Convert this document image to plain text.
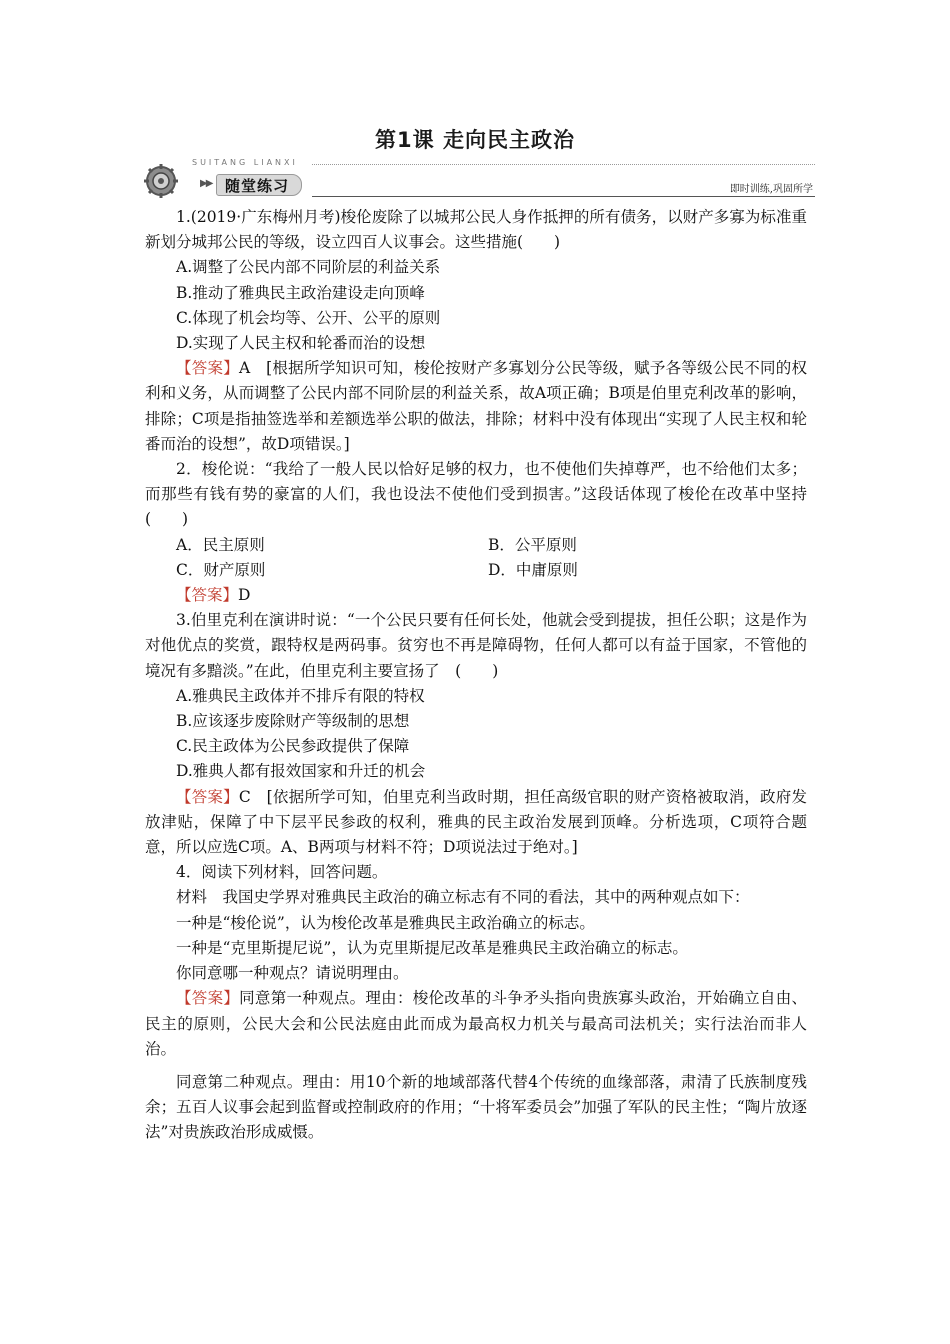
第1课 走向民主政治
SUITANG LIANXI
▶▶ 随堂练习	即时训练,巩固所学

1.(2019·广东梅州月考)梭伦废除了以城邦公民人身作抵押的所有债务，以财产多寡为标准重新划分城邦公民的等级，设立四百人议事会。这些措施(　　)

A.调整了公民内部不同阶层的利益关系

B.推动了雅典民主政治建设走向顶峰

C.体现了机会均等、公开、公平的原则

D.实现了人民主权和轮番而治的设想

【答案】A　[根据所学知识可知，梭伦按财产多寡划分公民等级，赋予各等级公民不同的权利和义务，从而调整了公民内部不同阶层的利益关系，故A项正确；B项是伯里克利改革的影响，排除；C项是指抽签选举和差额选举公职的做法，排除；材料中没有体现出“实现了人民主权和轮番而治的设想”，故D项错误。]

2．梭伦说：“我给了一般人民以恰好足够的权力，也不使他们失掉尊严，也不给他们太多；而那些有钱有势的豪富的人们，我也设法不使他们受到损害。”这段话体现了梭伦在改革中坚持(　　)

A．民主原则	B．公平原则
C．财产原则	D．中庸原则

【答案】D

3.伯里克利在演讲时说：“一个公民只要有任何长处，他就会受到提拔，担任公职；这是作为对他优点的奖赏，跟特权是两码事。贫穷也不再是障碍物，任何人都可以有益于国家，不管他的境况有多黯淡。”在此，伯里克利主要宣扬了　(　　)

A.雅典民主政体并不排斥有限的特权

B.应该逐步废除财产等级制的思想

C.民主政体为公民参政提供了保障

D.雅典人都有报效国家和升迁的机会

【答案】C　[依据所学可知，伯里克利当政时期，担任高级官职的财产资格被取消，政府发放津贴，保障了中下层平民参政的权利，雅典的民主政治发展到顶峰。分析选项，C项符合题意，所以应选C项。A、B两项与材料不符；D项说法过于绝对。]

4．阅读下列材料，回答问题。

材料　我国史学界对雅典民主政治的确立标志有不同的看法，其中的两种观点如下：

一种是“梭伦说”，认为梭伦改革是雅典民主政治确立的标志。

一种是“克里斯提尼说”，认为克里斯提尼改革是雅典民主政治确立的标志。

你同意哪一种观点？请说明理由。

【答案】同意第一种观点。理由：梭伦改革的斗争矛头指向贵族寡头政治，开始确立自由、民主的原则，公民大会和公民法庭由此而成为最高权力机关与最高司法机关；实行法治而非人治。

同意第二种观点。理由：用10个新的地域部落代替4个传统的血缘部落，肃清了氏族制度残余；五百人议事会起到监督或控制政府的作用；“十将军委员会”加强了军队的民主性；“陶片放逐法”对贵族政治形成威慑。
